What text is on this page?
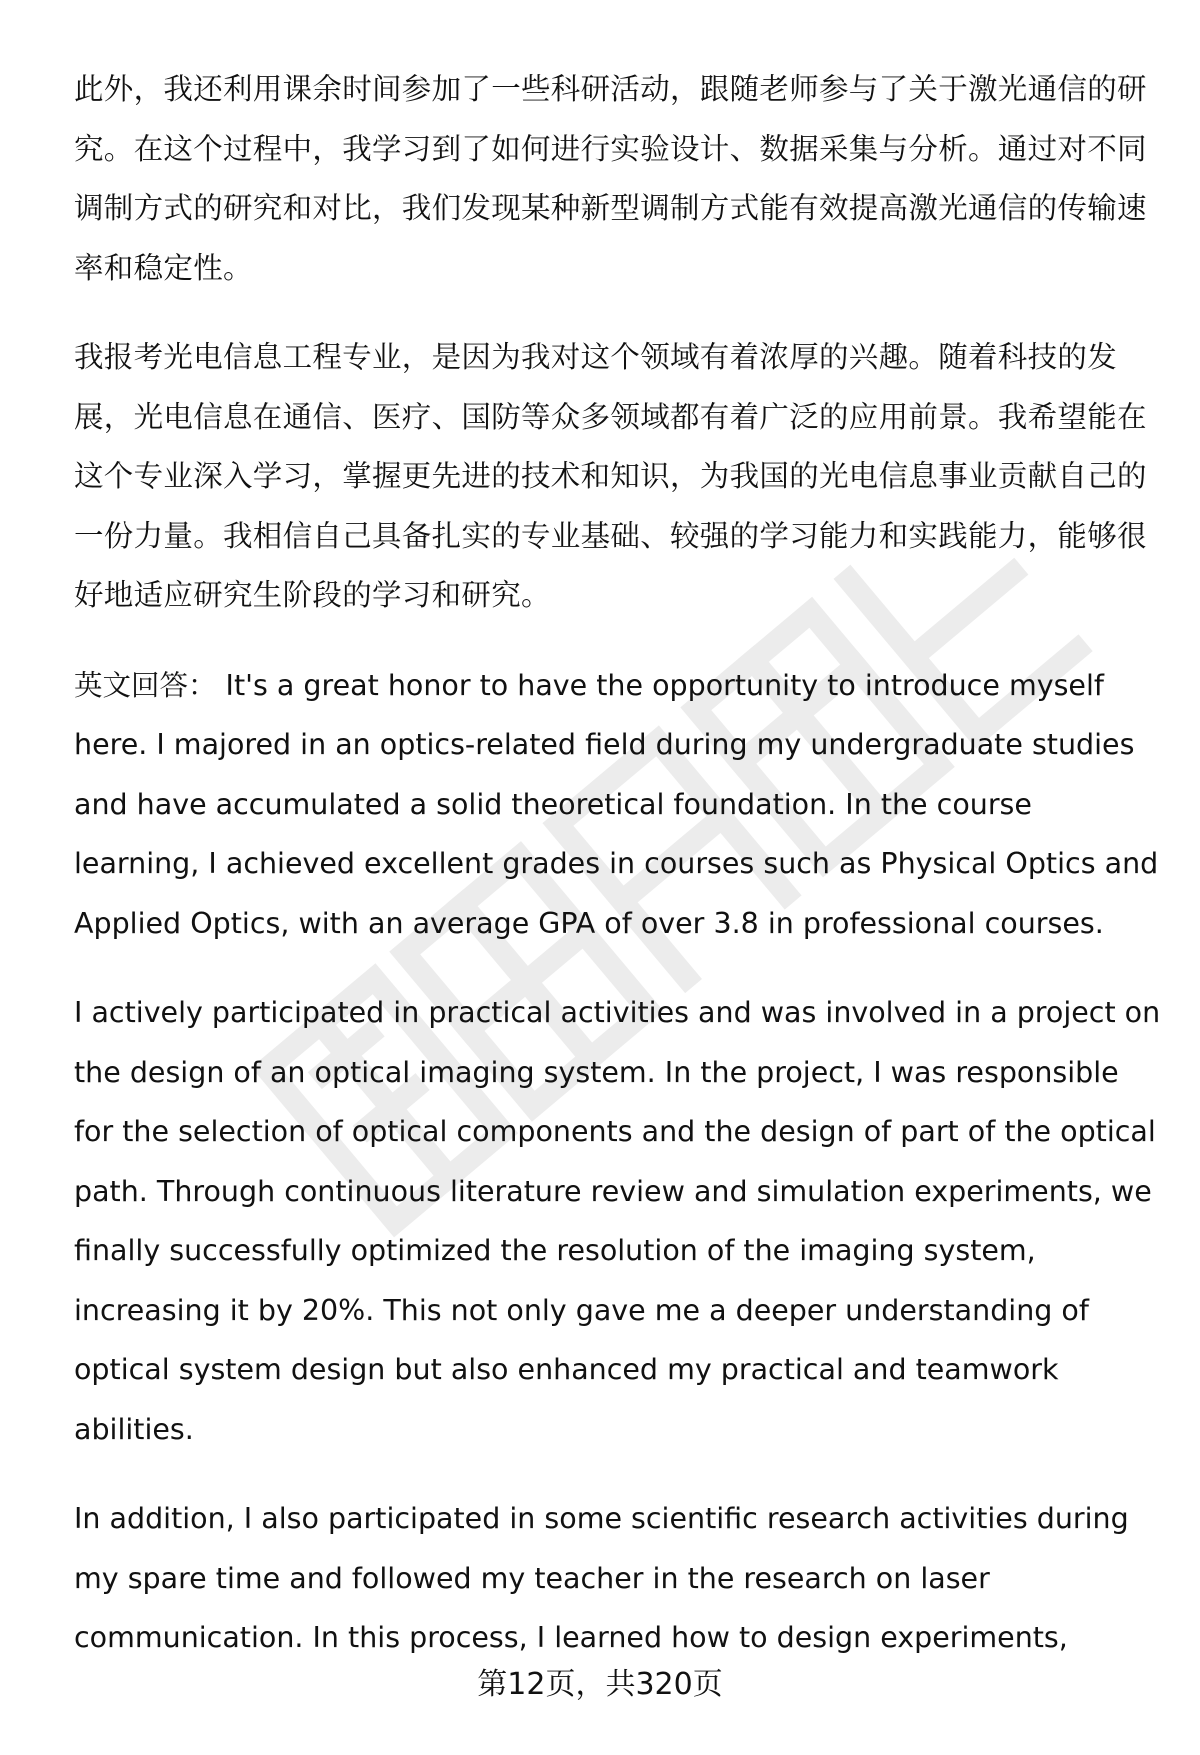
此外，我还利用课余时间参加了一些科研活动，跟随老师参与了关于激光通信的研究。在这个过程中，我学习到了如何进行实验设计、数据采集与分析。通过对不同调制方式的研究和对比，我们发现某种新型调制方式能有效提高激光通信的传输速率和稳定性。

我报考光电信息工程专业，是因为我对这个领域有着浓厚的兴趣。随着科技的发展，光电信息在通信、医疗、国防等众多领域都有着广泛的应用前景。我希望能在这个专业深入学习，掌握更先进的技术和知识，为我国的光电信息事业贡献自己的一份力量。我相信自己具备扎实的专业基础、较强的学习能力和实践能力，能够很好地适应研究生阶段的学习和研究。

英文回答： It's a great honor to have the opportunity to introduce myself here. I majored in an optics-related field during my undergraduate studies and have accumulated a solid theoretical foundation. In the course learning, I achieved excellent grades in courses such as Physical Optics and Applied Optics, with an average GPA of over 3.8 in professional courses.

I actively participated in practical activities and was involved in a project on the design of an optical imaging system. In the project, I was responsible for the selection of optical components and the design of part of the optical path. Through continuous literature review and simulation experiments, we finally successfully optimized the resolution of the imaging system, increasing it by 20%. This not only gave me a deeper understanding of optical system design but also enhanced my practical and teamwork abilities.

In addition, I also participated in some scientific research activities during my spare time and followed my teacher in the research on laser communication. In this process, I learned how to design experiments,

第12页，共320页
